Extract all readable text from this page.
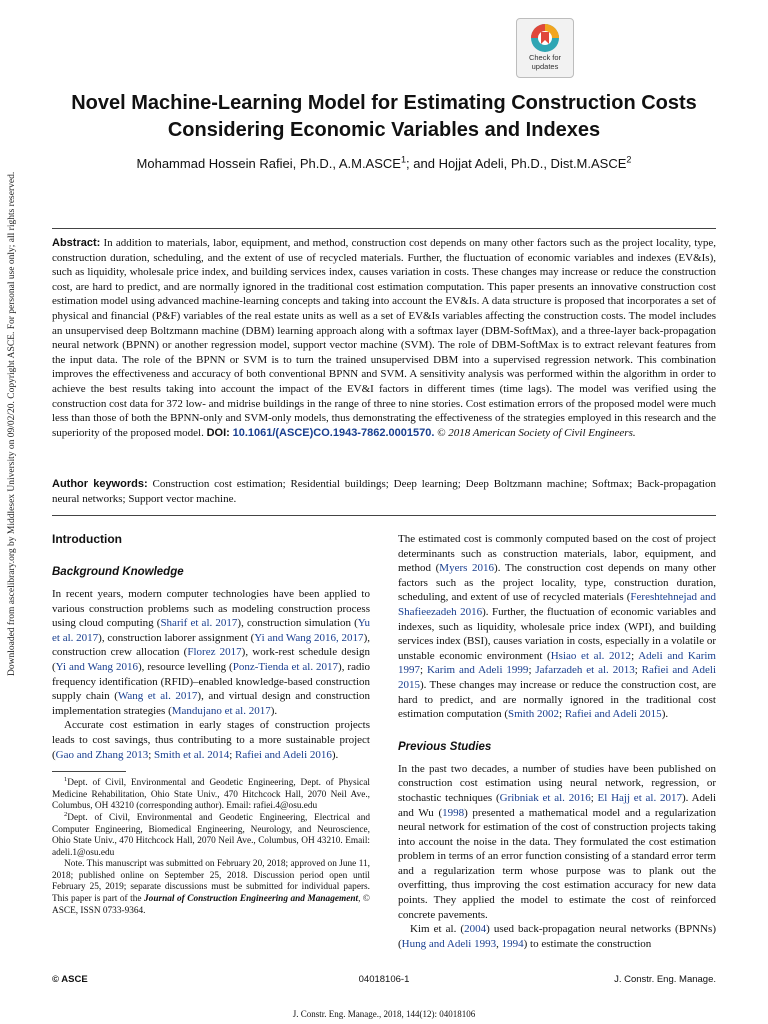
Downloaded from ascelibrary.org by Middlesex University on 09/02/20. Copyright ASCE. For personal use only; all rights reserved.
Check for
updates
Novel Machine-Learning Model for Estimating Construction Costs Considering Economic Variables and Indexes
Mohammad Hossein Rafiei, Ph.D., A.M.ASCE$^1$; and Hojjat Adeli, Ph.D., Dist.M.ASCE$^2$

Abstract: In addition to materials, labor, equipment, and method, construction cost depends on many other factors such as the project locality, type, construction duration, scheduling, and the extent of use of recycled materials. Further, the fluctuation of economic variables and indexes (EV&Is), such as liquidity, wholesale price index, and building services index, causes variation in costs. These changes may increase or reduce the construction cost, are hard to predict, and are normally ignored in the traditional cost estimation computation. This paper presents an innovative construction cost estimation model using advanced machine-learning concepts and taking into account the EV&Is. A data structure is proposed that incorporates a set of physical and financial (P&F) variables of the real estate units as well as a set of EV&Is variables affecting the construction costs. The model includes an unsupervised deep Boltzmann machine (DBM) learning approach along with a softmax layer (DBM-SoftMax), and a three-layer back-propagation neural network (BPNN) or another regression model, support vector machine (SVM). The role of DBM-SoftMax is to extract relevant features from the input data. The role of the BPNN or SVM is to turn the trained unsupervised DBM into a supervised regression network. This combination improves the effectiveness and accuracy of both conventional BPNN and SVM. A sensitivity analysis was performed within the algorithm in order to achieve the best results taking into account the impact of the EV&I factors in different times (time lags). The model was verified using the construction cost data for 372 low- and midrise buildings in the range of three to nine stories. Cost estimation errors of the proposed model were much less than those of both the BPNN-only and SVM-only models, thus demonstrating the effectiveness of the strategies employed in this research and the superiority of the proposed model. DOI: 10.1061/(ASCE)CO.1943-7862.0001570. © 2018 American Society of Civil Engineers.

Author keywords: Construction cost estimation; Residential buildings; Deep learning; Deep Boltzmann machine; Softmax; Back-propagation neural networks; Support vector machine.

Introduction
Background Knowledge

In recent years, modern computer technologies have been applied to various construction problems such as modeling construction process using cloud computing (Sharif et al. 2017), construction simulation (Yu et al. 2017), construction laborer assignment (Yi and Wang 2016, 2017), construction crew allocation (Florez 2017), work-rest schedule design (Yi and Wang 2016), resource levelling (Ponz-Tienda et al. 2017), radio frequency identification (RFID)–enabled knowledge-based construction supply chain (Wang et al. 2017), and virtual design and construction implementation strategies (Mandujano et al. 2017).

Accurate cost estimation in early stages of construction projects leads to cost savings, thus contributing to a more sustainable project (Gao and Zhang 2013; Smith et al. 2014; Rafiei and Adeli 2016).

$^1$Dept. of Civil, Environmental and Geodetic Engineering, Dept. of Physical Medicine Rehabilitation, Ohio State Univ., 470 Hitchcock Hall, 2070 Neil Ave., Columbus, OH 43210 (corresponding author). Email: rafiei.4@osu.edu

$^2$Dept. of Civil, Environmental and Geodetic Engineering, Electrical and Computer Engineering, Biomedical Engineering, Neurology, and Neuroscience, Ohio State Univ., 470 Hitchcock Hall, 2070 Neil Ave., Columbus, OH 43210. Email: adeli.1@osu.edu

Note. This manuscript was submitted on February 20, 2018; approved on June 11, 2018; published online on September 25, 2018. Discussion period open until February 25, 2019; separate discussions must be submitted for individual papers. This paper is part of the Journal of Construction Engineering and Management, © ASCE, ISSN 0733-9364.

The estimated cost is commonly computed based on the cost of project determinants such as construction materials, labor, equipment, and method (Myers 2016). The construction cost depends on many other factors such as the project locality, type, construction duration, scheduling, and extent of use of recycled materials (Fereshtehnejad and Shafieezadeh 2016). Further, the fluctuation of economic variables and indexes, such as liquidity, wholesale price index (WPI), and building services index (BSI), causes variation in costs, especially in a volatile or unstable economic environment (Hsiao et al. 2012; Adeli and Karim 1997; Karim and Adeli 1999; Jafarzadeh et al. 2013; Rafiei and Adeli 2015). These changes may increase or reduce the construction cost, are hard to predict, and are normally ignored in the traditional cost estimation computation (Smith 2002; Rafiei and Adeli 2015).

Previous Studies

In the past two decades, a number of studies have been published on construction cost estimation using neural network, regression, or stochastic techniques (Gribniak et al. 2016; El Hajj et al. 2017). Adeli and Wu (1998) presented a mathematical model and a regularization neural network for estimation of the cost of construction projects taking into account the noise in the data. They formulated the cost estimation problem in terms of an error function consisting of a standard error term and a regularization term whose purpose was to plank out the overfitting, thus improving the cost estimation accuracy for new data points. They applied the model to estimate the cost of reinforced concrete pavements.

Kim et al. (2004) used back-propagation neural networks (BPNNs) (Hung and Adeli 1993, 1994) to estimate the construction

© ASCE	04018106-1	J. Constr. Eng. Manage.
J. Constr. Eng. Manage., 2018, 144(12): 04018106
